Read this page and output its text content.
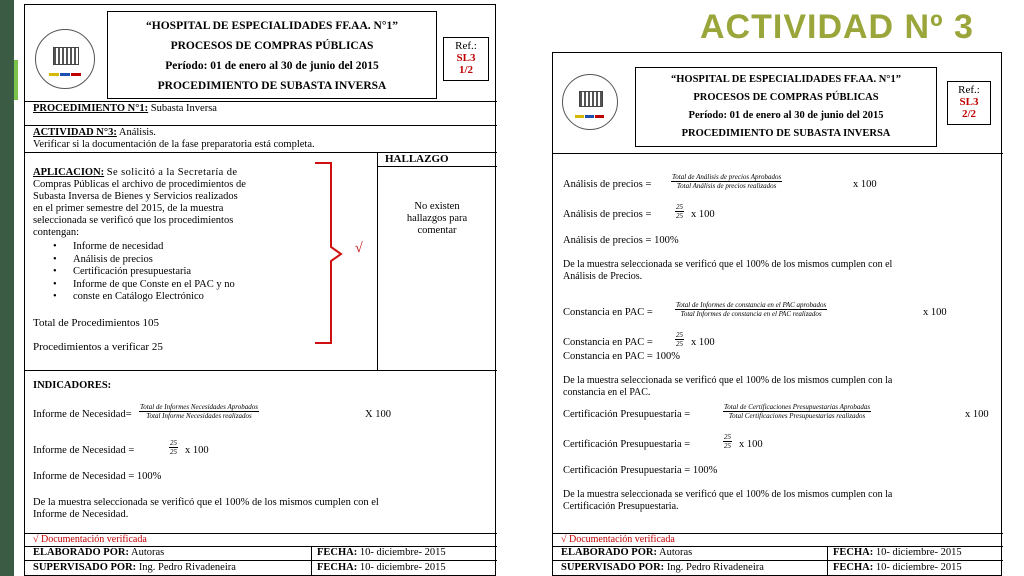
ACTIVIDAD Nº 3
“HOSPITAL DE ESPECIALIDADES FF.AA. N°1”
PROCESOS DE COMPRAS PÚBLICAS
Período: 01 de enero al 30 de junio del 2015
PROCEDIMIENTO DE SUBASTA INVERSA
Ref.:
SL3
1/2
PROCEDIMIENTO N°1: Subasta Inversa
ACTIVIDAD N°3: Análisis.
Verificar si la documentación de la fase preparatoria está completa.
HALLAZGO
APLICACION: Se solicitó a la Secretaría de
Compras Públicas el archivo de procedimientos de
Subasta Inversa de Bienes y Servicios realizados
en el primer semestre del 2015, de la muestra
seleccionada se verificó que los procedimientos
contengan:
• Informe de necesidad
• Análisis de precios
• Certificación presupuestaria
• Informe de que Conste en el PAC y no
• conste en Catálogo Electrónico
Total de Procedimientos 105
Procedimientos a verificar 25
√
No existen
hallazgos para
comentar
INDICADORES:
Informe de Necesidad=
Total de Informes Necesidades Aprobados
Total Informe Necesidades realizados	X 100
Informe de Necesidad =	$\frac{25}{25}$ x 100
Informe de Necesidad = 100%
De la muestra seleccionada se verificó que el 100% de los mismos cumplen con el
Informe de Necesidad.
√ Documentación verificada
ELABORADO POR: Autoras	FECHA: 10- diciembre- 2015
SUPERVISADO POR: Ing. Pedro Rivadeneira	FECHA: 10- diciembre- 2015
“HOSPITAL DE ESPECIALIDADES FF.AA. N°1”
PROCESOS DE COMPRAS PÚBLICAS
Período: 01 de enero al 30 de junio del 2015
PROCEDIMIENTO DE SUBASTA INVERSA
Ref.:
SL3
2/2
Análisis de precios =
Total de Análisis de precios Aprobados
Total Análisis de precios realizados	x 100
Análisis de precios =	$\frac{25}{25}$ x 100
Análisis de precios = 100%
De la muestra seleccionada se verificó que el 100% de los mismos cumplen con el
Análisis de Precios.
Constancia en PAC =
Total de Informes de constancia en el PAC aprobados
Total Informes de constancia en el PAC realizados	x 100
Constancia en PAC =	$\frac{25}{25}$ x 100
Constancia en PAC = 100%
De la muestra seleccionada se verificó que el 100% de los mismos cumplen con la
constancia en el PAC.
Certificación Presupuestaria =
Total de Certificaciones Presupuestarias Aprobadas
Total Certificaciones Presupuestarias realizados	x 100
Certificación Presupuestaria =	$\frac{25}{25}$ x 100
Certificación Presupuestaria = 100%
De la muestra seleccionada se verificó que el 100% de los mismos cumplen con la
Certificación Presupuestaria.
√ Documentación verificada
ELABORADO POR: Autoras	FECHA: 10- diciembre- 2015
SUPERVISADO POR: Ing. Pedro Rivadeneira	FECHA: 10- diciembre- 2015
